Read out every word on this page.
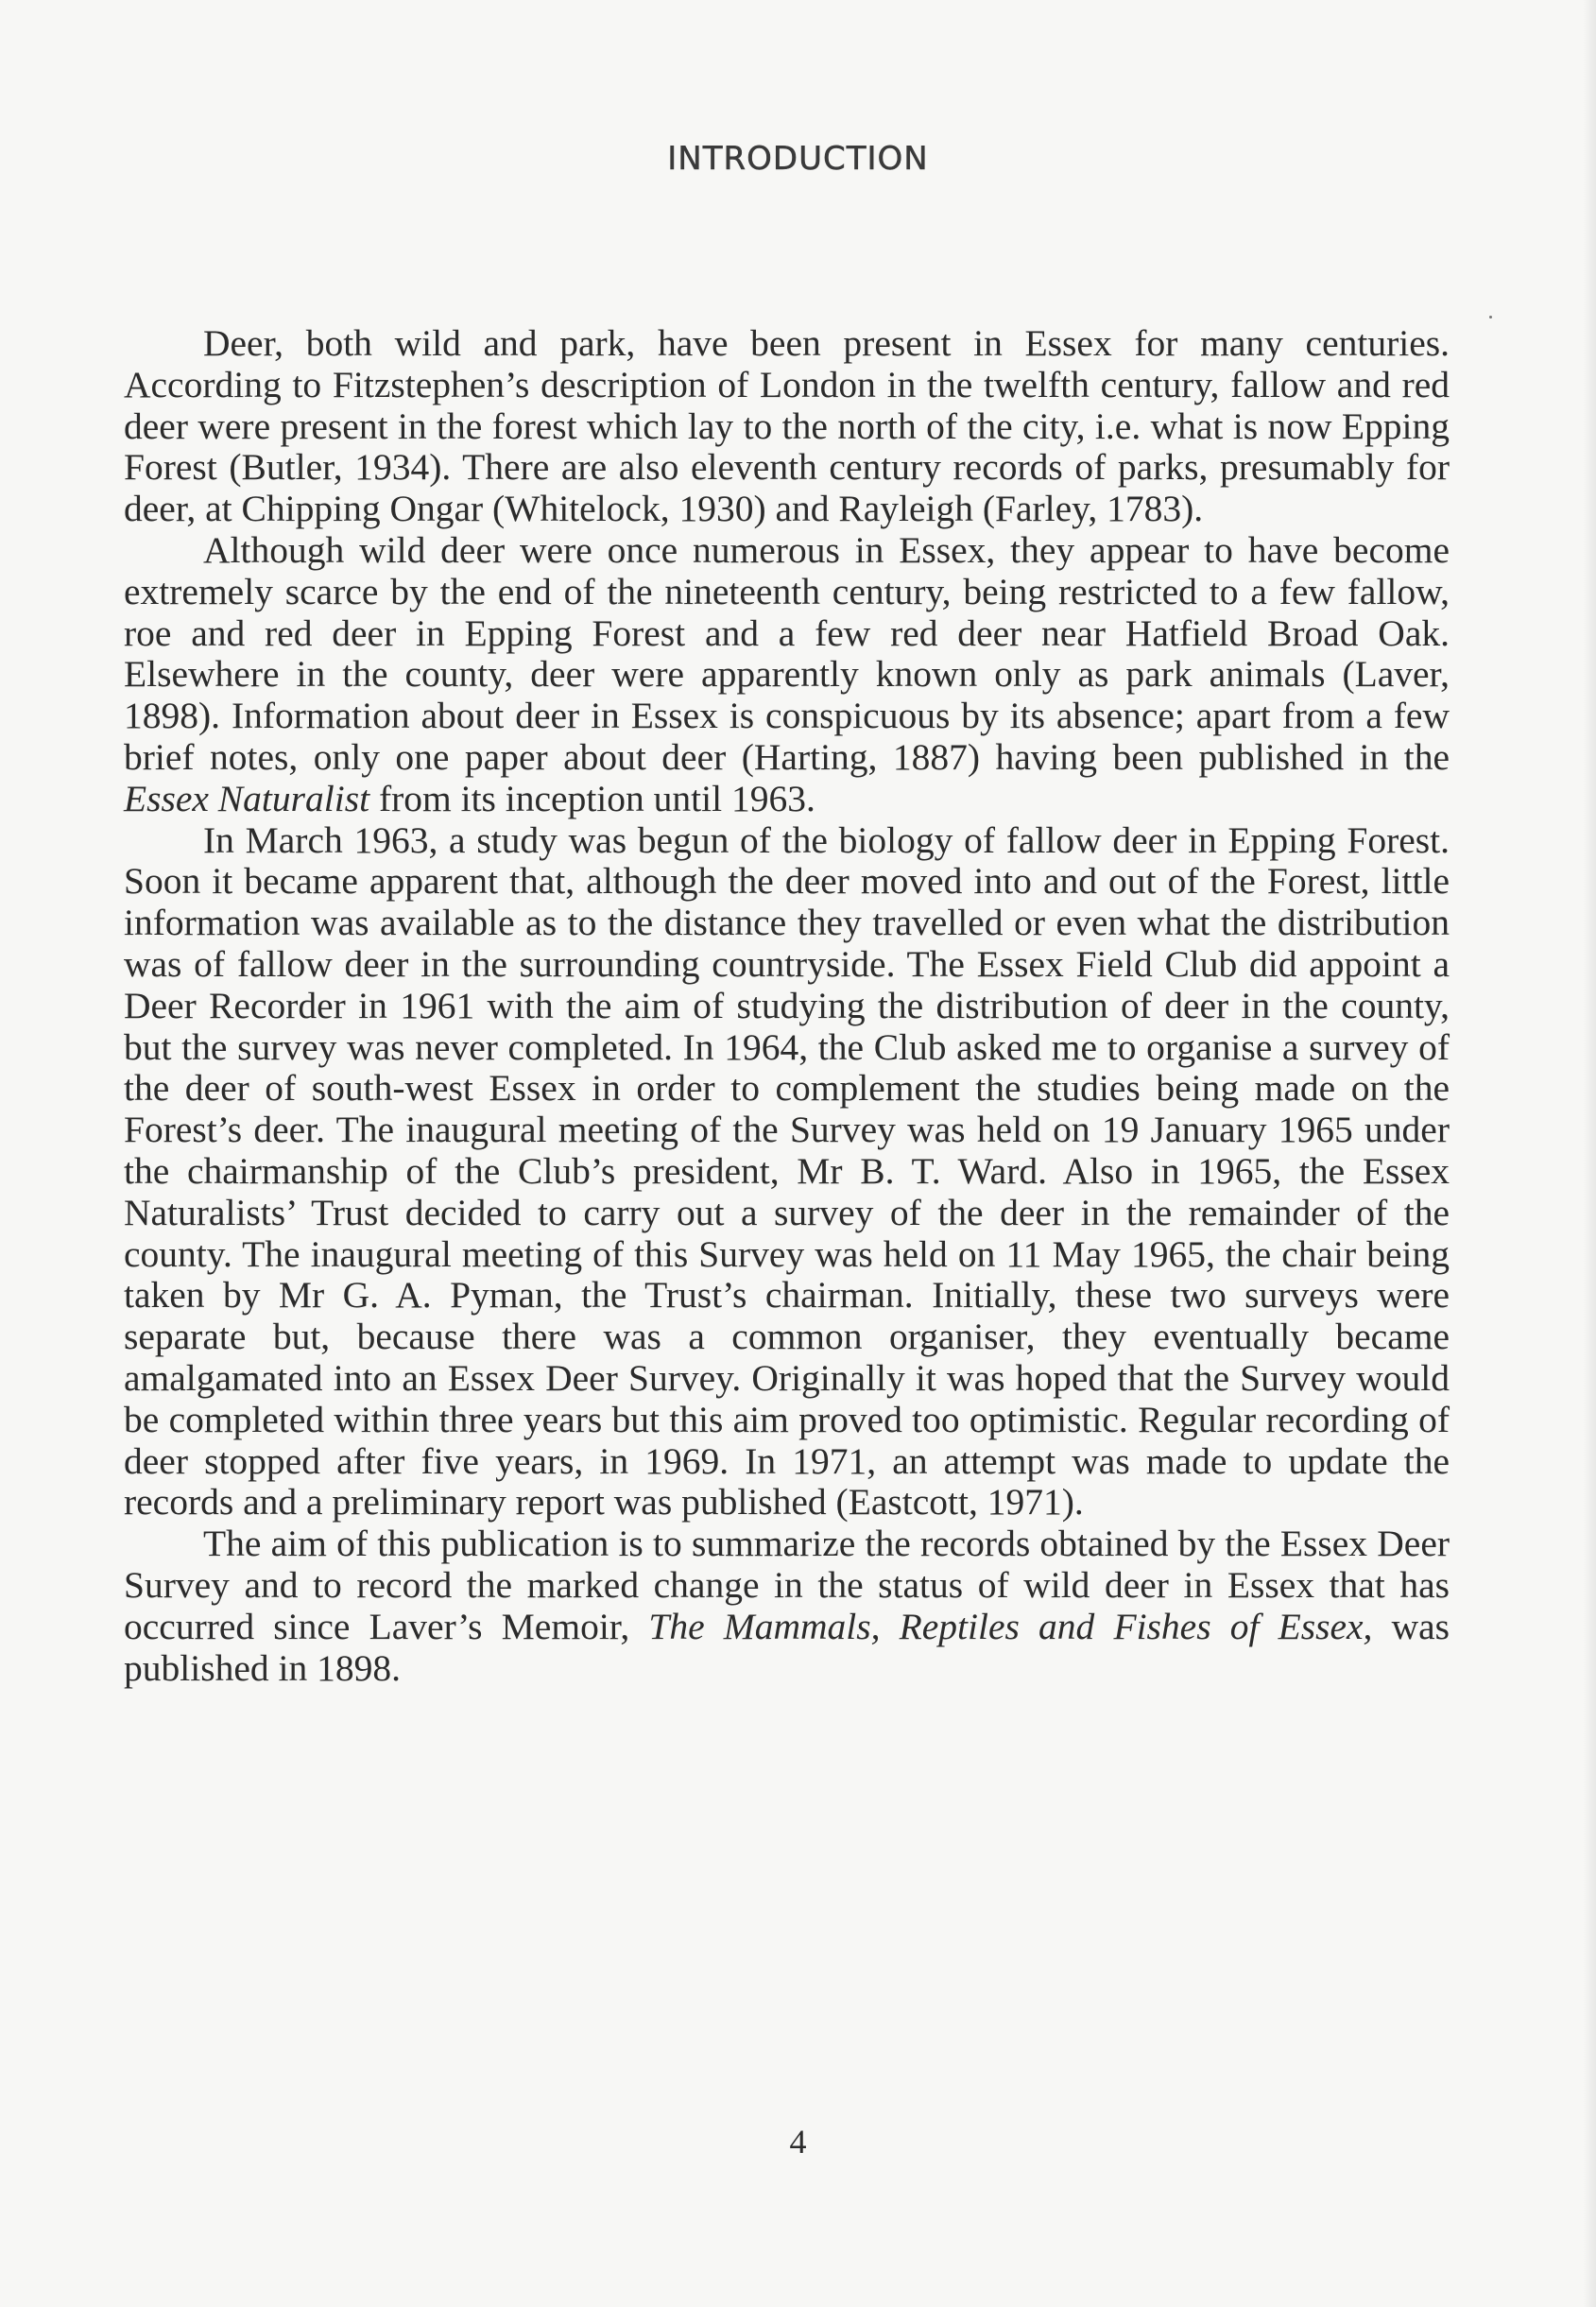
INTRODUCTION

Deer, both wild and park, have been present in Essex for many centuries. According to Fitzstephen’s description of London in the twelfth century, fallow and red deer were present in the forest which lay to the north of the city, i.e. what is now Epping Forest (Butler, 1934). There are also eleventh century records of parks, presumably for deer, at Chipping Ongar (Whitelock, 1930) and Rayleigh (Farley, 1783).

Although wild deer were once numerous in Essex, they appear to have become extremely scarce by the end of the nineteenth century, being restricted to a few fallow, roe and red deer in Epping Forest and a few red deer near Hatfield Broad Oak. Elsewhere in the county, deer were apparently known only as park animals (Laver, 1898). Information about deer in Essex is conspicuous by its absence; apart from a few brief notes, only one paper about deer (Harting, 1887) having been published in the Essex Naturalist from its inception until 1963.

In March 1963, a study was begun of the biology of fallow deer in Epping Forest. Soon it became apparent that, although the deer moved into and out of the Forest, little information was available as to the distance they travelled or even what the distribution was of fallow deer in the surrounding countryside. The Essex Field Club did appoint a Deer Recorder in 1961 with the aim of studying the distribution of deer in the county, but the survey was never completed. In 1964, the Club asked me to organise a survey of the deer of south-west Essex in order to complement the studies being made on the Forest’s deer. The inaugural meeting of the Survey was held on 19 January 1965 under the chairmanship of the Club’s president, Mr B. T. Ward. Also in 1965, the Essex Naturalists’ Trust decided to carry out a survey of the deer in the remainder of the county. The inaugural meeting of this Survey was held on 11 May 1965, the chair being taken by Mr G. A. Pyman, the Trust’s chairman. Initially, these two surveys were separate but, because there was a common organiser, they eventually became amalgamated into an Essex Deer Survey. Originally it was hoped that the Survey would be completed within three years but this aim proved too optimistic. Regular recording of deer stopped after five years, in 1969. In 1971, an attempt was made to update the records and a preliminary report was published (Eastcott, 1971).

The aim of this publication is to summarize the records obtained by the Essex Deer Survey and to record the marked change in the status of wild deer in Essex that has occurred since Laver’s Memoir, The Mammals, Reptiles and Fishes of Essex, was published in 1898.

4
